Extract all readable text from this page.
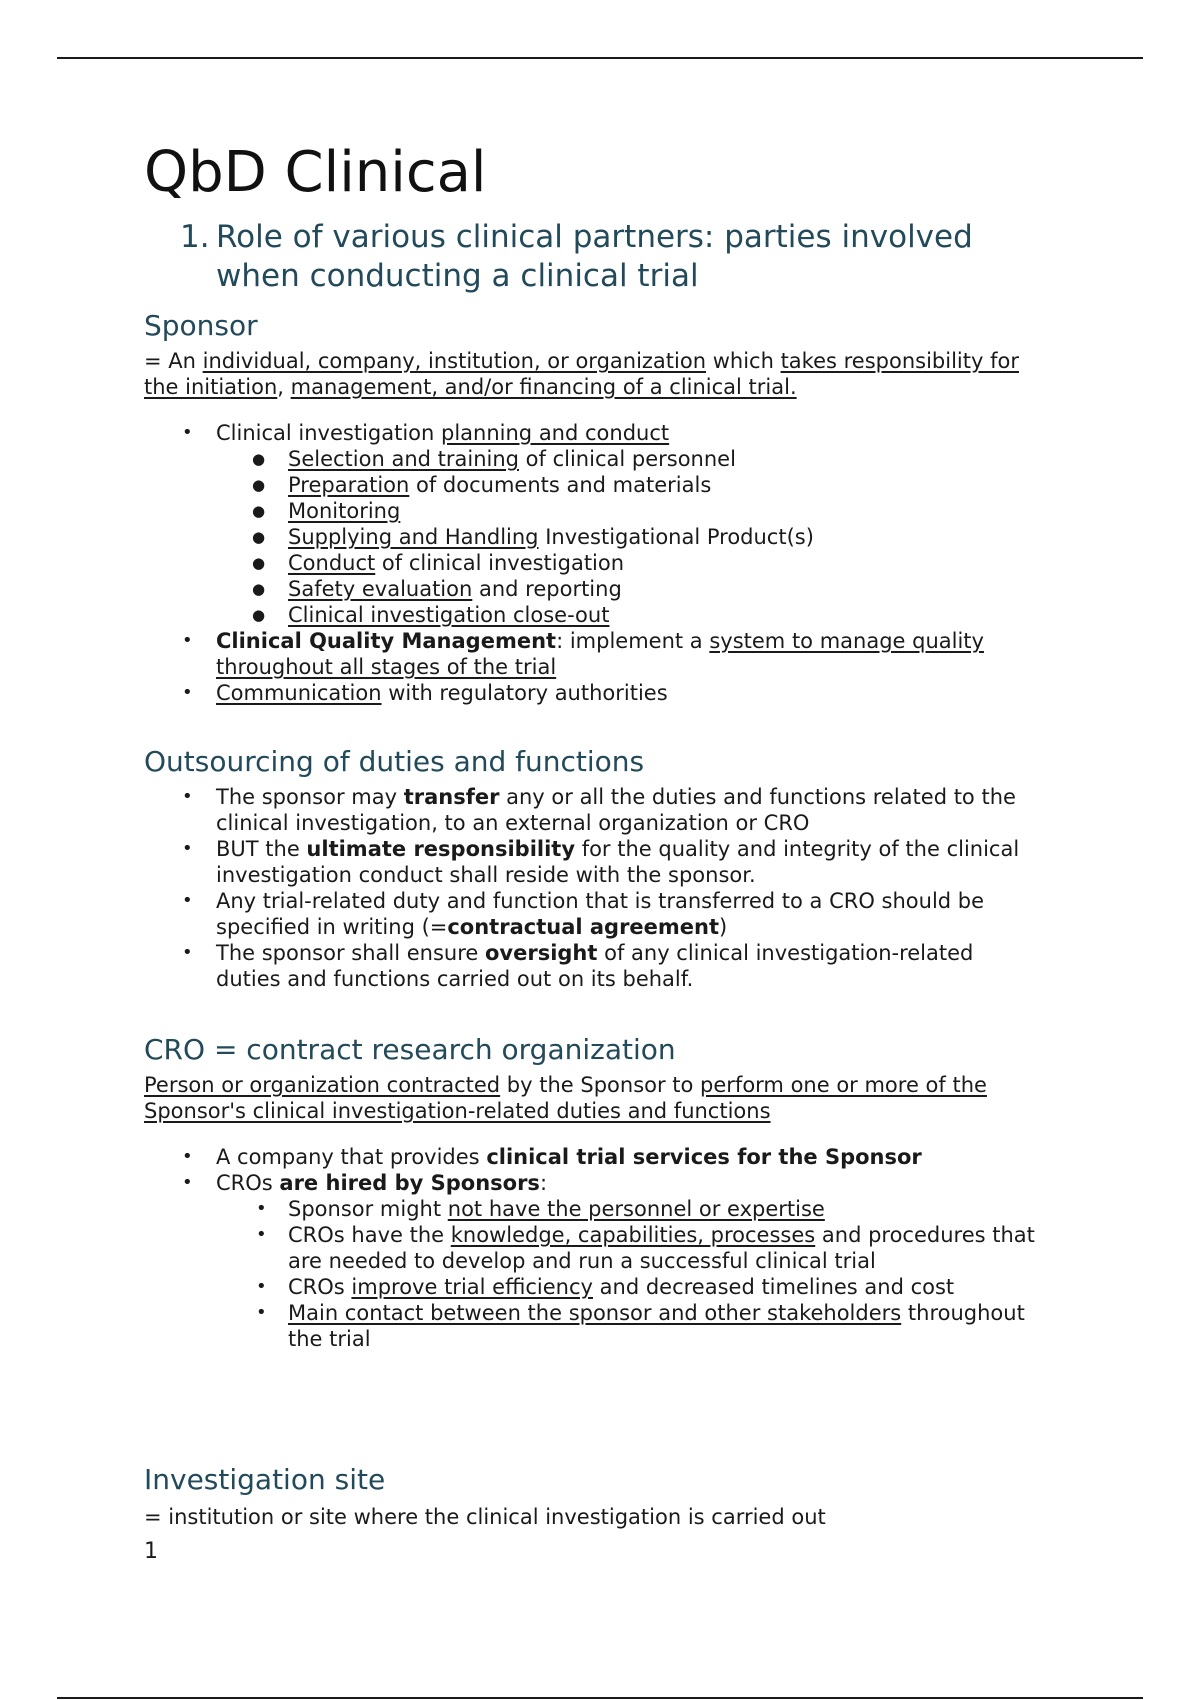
QbD Clinical
1. Role of various clinical partners: parties involved when conducting a clinical trial
Sponsor

= An individual, company, institution, or organization which takes responsibility for the initiation, management, and/or financing of a clinical trial.

• Clinical investigation planning and conduct
● Selection and training of clinical personnel
● Preparation of documents and materials
● Monitoring
● Supplying and Handling Investigational Product(s)
● Conduct of clinical investigation
● Safety evaluation and reporting
● Clinical investigation close-out
• Clinical Quality Management: implement a system to manage quality throughout all stages of the trial
• Communication with regulatory authorities
Outsourcing of duties and functions
• The sponsor may transfer any or all the duties and functions related to the clinical investigation, to an external organization or CRO
• BUT the ultimate responsibility for the quality and integrity of the clinical investigation conduct shall reside with the sponsor.
• Any trial-related duty and function that is transferred to a CRO should be specified in writing (=contractual agreement)
• The sponsor shall ensure oversight of any clinical investigation-related duties and functions carried out on its behalf.
CRO = contract research organization

Person or organization contracted by the Sponsor to perform one or more of the Sponsor's clinical investigation-related duties and functions

• A company that provides clinical trial services for the Sponsor
• CROs are hired by Sponsors:
• Sponsor might not have the personnel or expertise
• CROs have the knowledge, capabilities, processes and procedures that are needed to develop and run a successful clinical trial
• CROs improve trial efficiency and decreased timelines and cost
• Main contact between the sponsor and other stakeholders throughout the trial
Investigation site

= institution or site where the clinical investigation is carried out

1
